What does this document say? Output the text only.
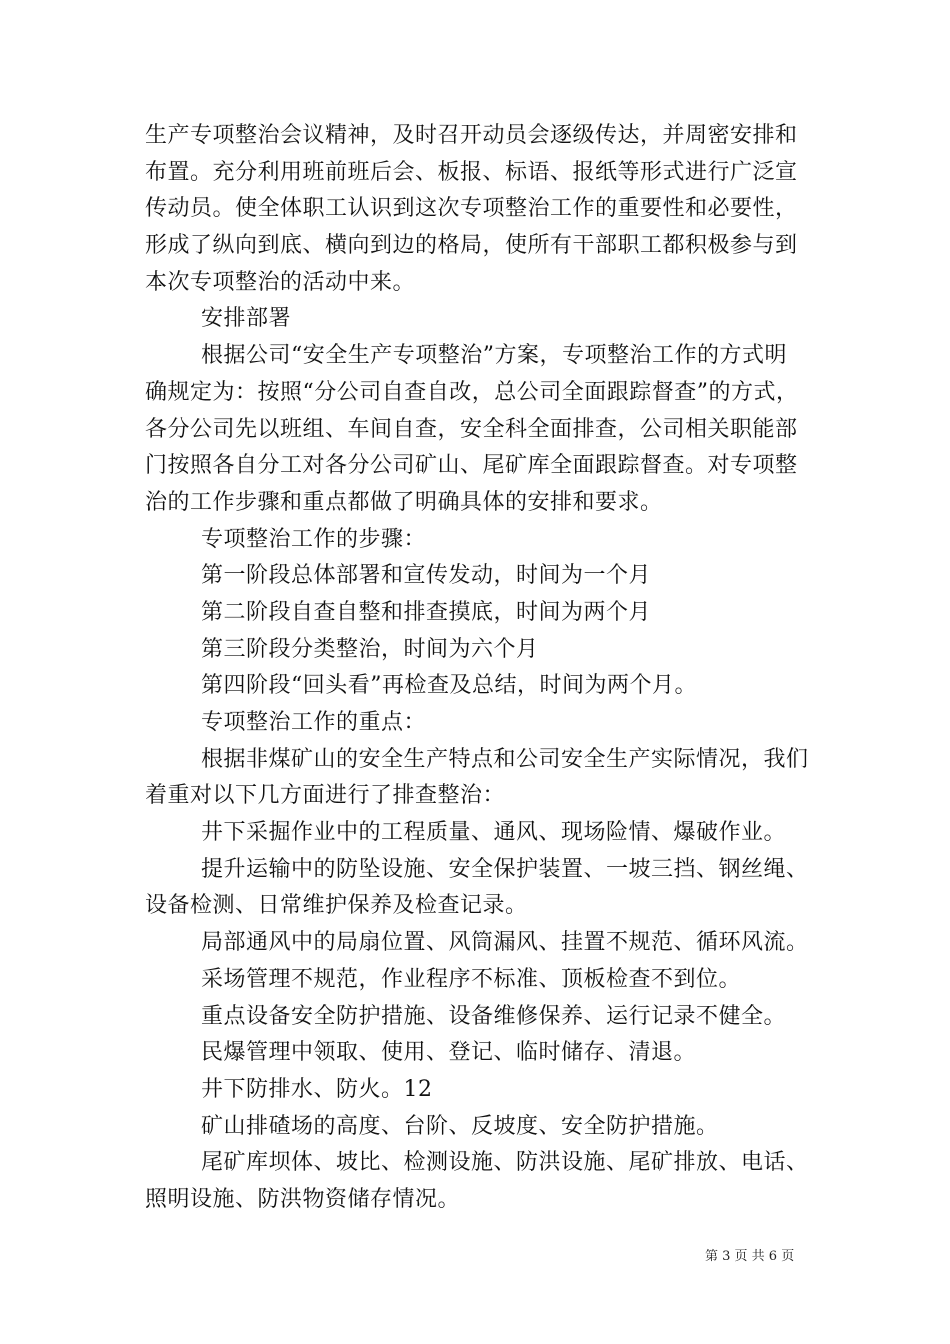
生产专项整治会议精神，及时召开动员会逐级传达，并周密安排和
布置。充分利用班前班后会、板报、标语、报纸等形式进行广泛宣
传动员。使全体职工认识到这次专项整治工作的重要性和必要性，
形成了纵向到底、横向到边的格局，使所有干部职工都积极参与到
本次专项整治的活动中来。
安排部署
根据公司“安全生产专项整治”方案，专项整治工作的方式明
确规定为：按照“分公司自查自改，总公司全面跟踪督查”的方式，
各分公司先以班组、车间自查，安全科全面排查，公司相关职能部
门按照各自分工对各分公司矿山、尾矿库全面跟踪督查。对专项整
治的工作步骤和重点都做了明确具体的安排和要求。
专项整治工作的步骤：
第一阶段总体部署和宣传发动，时间为一个月
第二阶段自查自整和排查摸底，时间为两个月
第三阶段分类整治，时间为六个月
第四阶段“回头看”再检查及总结，时间为两个月。
专项整治工作的重点：
根据非煤矿山的安全生产特点和公司安全生产实际情况，我们
着重对以下几方面进行了排查整治：
井下采掘作业中的工程质量、通风、现场险情、爆破作业。
提升运输中的防坠设施、安全保护装置、一坡三挡、钢丝绳、
设备检测、日常维护保养及检查记录。
局部通风中的局扇位置、风筒漏风、挂置不规范、循环风流。
采场管理不规范，作业程序不标准、顶板检查不到位。
重点设备安全防护措施、设备维修保养、运行记录不健全。
民爆管理中领取、使用、登记、临时储存、清退。
井下防排水、防火。12
矿山排碴场的高度、台阶、反坡度、安全防护措施。
尾矿库坝体、坡比、检测设施、防洪设施、尾矿排放、电话、
照明设施、防洪物资储存情况。
第 3 页 共 6 页
